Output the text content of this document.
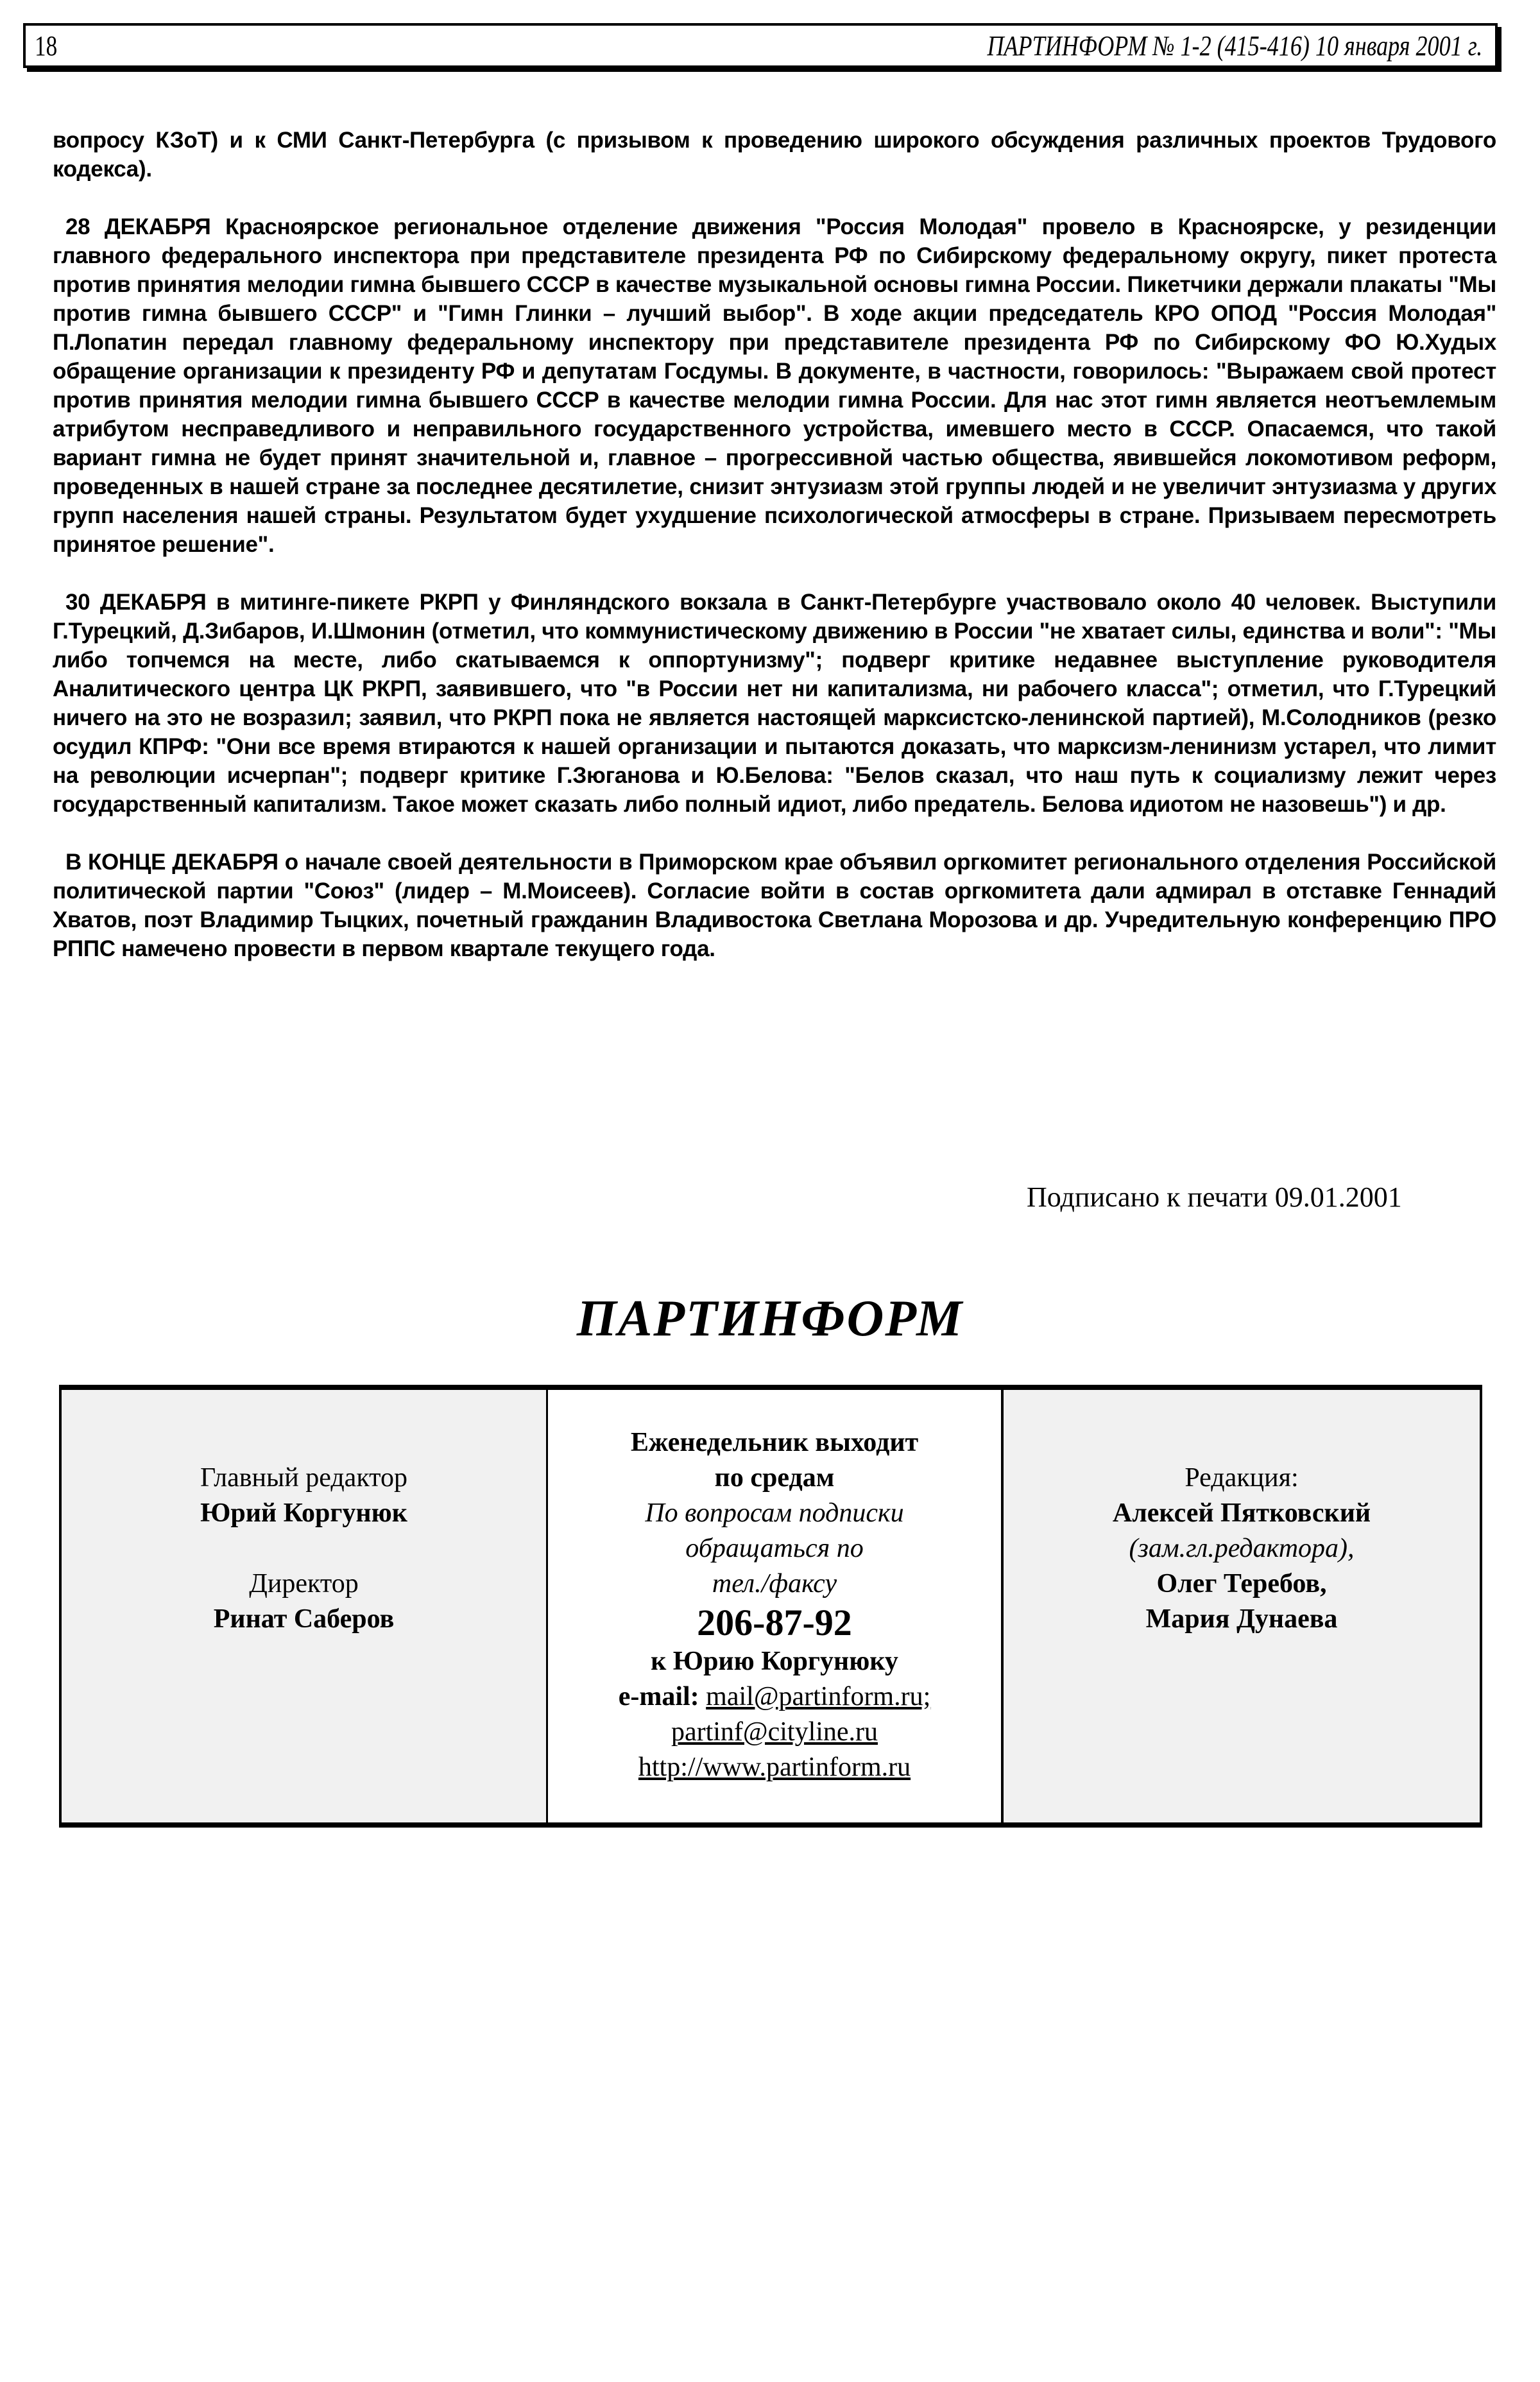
18	ПАРТИНФОРМ № 1-2 (415-416) 10 января 2001 г.

вопросу КЗоТ) и к СМИ Санкт-Петербурга (с призывом к проведению широкого обсуждения различных проектов Трудового кодекса).

28 ДЕКАБРЯ Красноярское региональное отделение движения "Россия Молодая" провело в Красноярске, у резиденции главного федерального инспектора при представителе президента РФ по Сибирскому федеральному округу, пикет протеста против принятия мелодии гимна бывшего СССР в качестве музыкальной основы гимна России. Пикетчики держали плакаты "Мы против гимна бывшего СССР" и "Гимн Глинки – лучший выбор". В ходе акции председатель КРО ОПОД "Россия Молодая" П.Лопатин передал главному федеральному инспектору при представителе президента РФ по Сибирскому ФО Ю.Худых обращение организации к президенту РФ и депутатам Госдумы. В документе, в частности, говорилось: "Выражаем свой протест против принятия мелодии гимна бывшего СССР в качестве мелодии гимна России. Для нас этот гимн является неотъемлемым атрибутом несправедливого и неправильного государственного устройства, имевшего место в СССР. Опасаемся, что такой вариант гимна не будет принят значительной и, главное – прогрессивной частью общества, явившейся локомотивом реформ, проведенных в нашей стране за последнее десятилетие, снизит энтузиазм этой группы людей и не увеличит энтузиазма у других групп населения нашей страны. Результатом будет ухудшение психологической атмосферы в стране. Призываем пересмотреть принятое решение".

30 ДЕКАБРЯ в митинге-пикете РКРП у Финляндского вокзала в Санкт-Петербурге участвовало около 40 человек. Выступили Г.Турецкий, Д.Зибаров, И.Шмонин (отметил, что коммунистическому движению в России "не хватает силы, единства и воли": "Мы либо топчемся на месте, либо скатываемся к оппортунизму"; подверг критике недавнее выступление руководителя Аналитического центра ЦК РКРП, заявившего, что "в России нет ни капитализма, ни рабочего класса"; отметил, что Г.Турецкий ничего на это не возразил; заявил, что РКРП пока не является настоящей марксистско-ленинской партией), М.Солодников (резко осудил КПРФ: "Они все время втираются к нашей организации и пытаются доказать, что марксизм-ленинизм устарел, что лимит на революции исчерпан"; подверг критике Г.Зюганова и Ю.Белова: "Белов сказал, что наш путь к социализму лежит через государственный капитализм. Такое может сказать либо полный идиот, либо предатель. Белова идиотом не назовешь") и др.

В КОНЦЕ ДЕКАБРЯ о начале своей деятельности в Приморском крае объявил оргкомитет регионального отделения Российской политической партии "Союз" (лидер – М.Моисеев). Согласие войти в состав оргкомитета дали адмирал в отставке Геннадий Хватов, поэт Владимир Тыцких, почетный гражданин Владивостока Светлана Морозова и др. Учредительную конференцию ПРО РППС намечено провести в первом квартале текущего года.

Подписано к печати 09.01.2001
ПАРТИНФОРМ
Главный редактор
Юрий Коргунюк
Директор
Ринат Саберов
Еженедельник выходит
по средам
По вопросам подписки
обращаться по
тел./факсу
206-87-92
к Юрию Коргунюку
e-mail: mail@partinform.ru;
partinf@cityline.ru
http://www.partinform.ru
Редакция:
Алексей Пятковский
(зам.гл.редактора),
Олег Теребов,
Мария Дунаева
